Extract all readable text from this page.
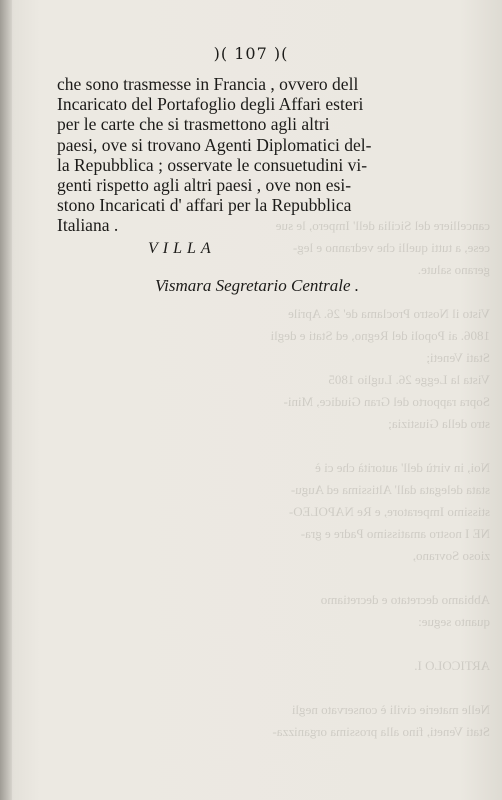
cancelliere del Sicilia dell' Impero, le sue
cese, a tutti quelli che vedranno e leg-
gerano salute.

Visto il Nostro Proclama de' 26. Aprile
1806. ai Popoli del Regno, ed Stati e degli
Stati Veneti;
Vista la Legge 26. Luglio 1805
Sopra rapporto del Gran Giudice, Mini-
stro della Giustizia;

Noi, in virtù dell' autorità che ci è
stata delegata dall' Altissima ed Augu-
stissimo Imperatore, e Re NAPOLEO-
NE I nostro amatissimo Padre e gra-
zioso Sovrano,

Abbiamo decretato e decretiamo
quanto segue:

ARTICOLO I.

Nelle materie civili è conservato negli
Stati Veneti, fino alla prossima organizza-
)( 107 )(
che sono trasmesse in Francia , ovvero dell
Incaricato del Portafoglio degli Affari esteri
per le carte che si trasmettono agli altri
paesi, ove si trovano Agenti Diplomatici del-
la Repubblica ; osservate le consuetudini vi-
genti rispetto agli altri paesi , ove non esi-
stono Incaricati d' affari per la Repubblica
Italiana .
VILLA
Vismara Segretario Centrale .
